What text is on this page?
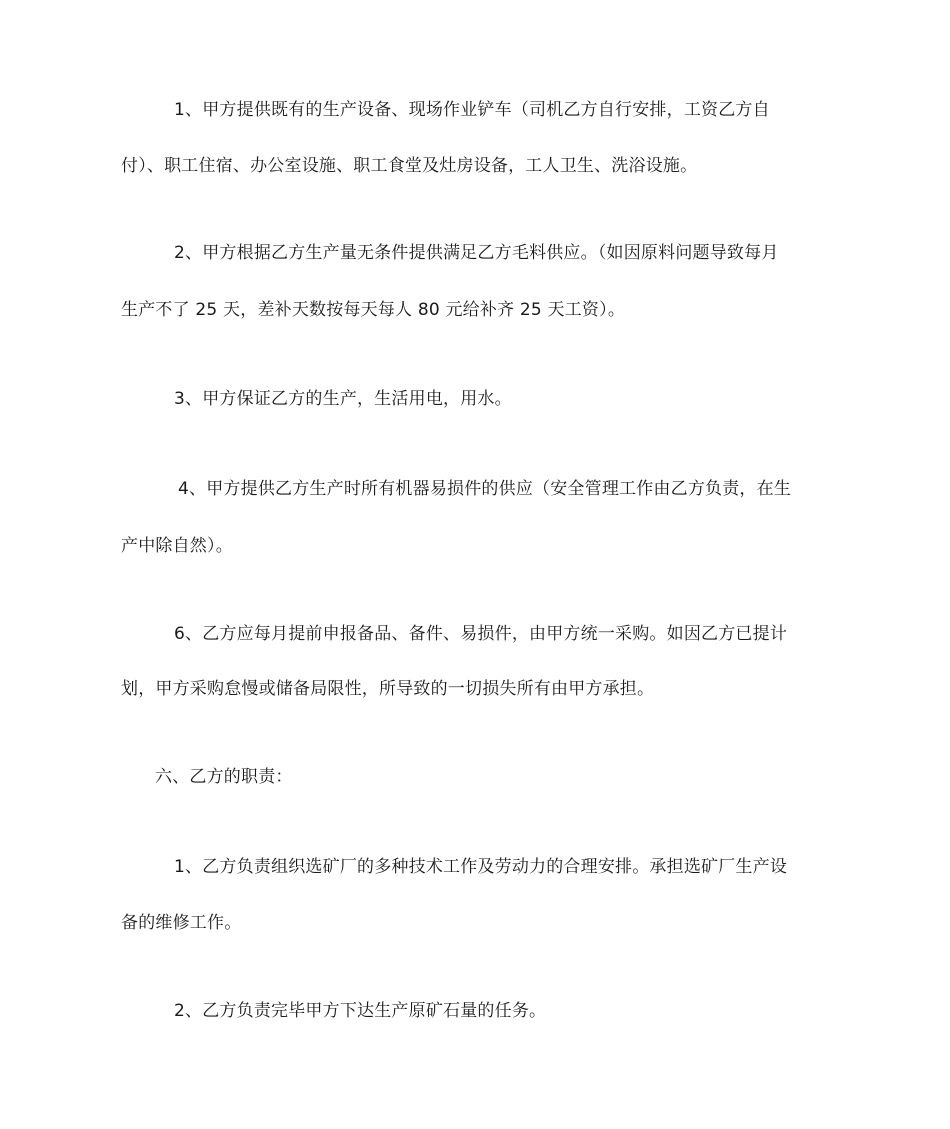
1、甲方提供既有的生产设备、现场作业铲车（司机乙方自行安排，工资乙方自
付）、职工住宿、办公室设施、职工食堂及灶房设备，工人卫生、洗浴设施。
2、甲方根据乙方生产量无条件提供满足乙方毛料供应。（如因原料问题导致每月
生产不了 25 天，差补天数按每天每人 80 元给补齐 25 天工资）。
3、甲方保证乙方的生产，生活用电，用水。
4、甲方提供乙方生产时所有机器易损件的供应（安全管理工作由乙方负责，在生
产中除自然）。
6、乙方应每月提前申报备品、备件、易损件，由甲方统一采购。如因乙方已提计
划，甲方采购怠慢或储备局限性，所导致的一切损失所有由甲方承担。
六、乙方的职责：
1、乙方负责组织选矿厂的多种技术工作及劳动力的合理安排。承担选矿厂生产设
备的维修工作。
2、乙方负责完毕甲方下达生产原矿石量的任务。
